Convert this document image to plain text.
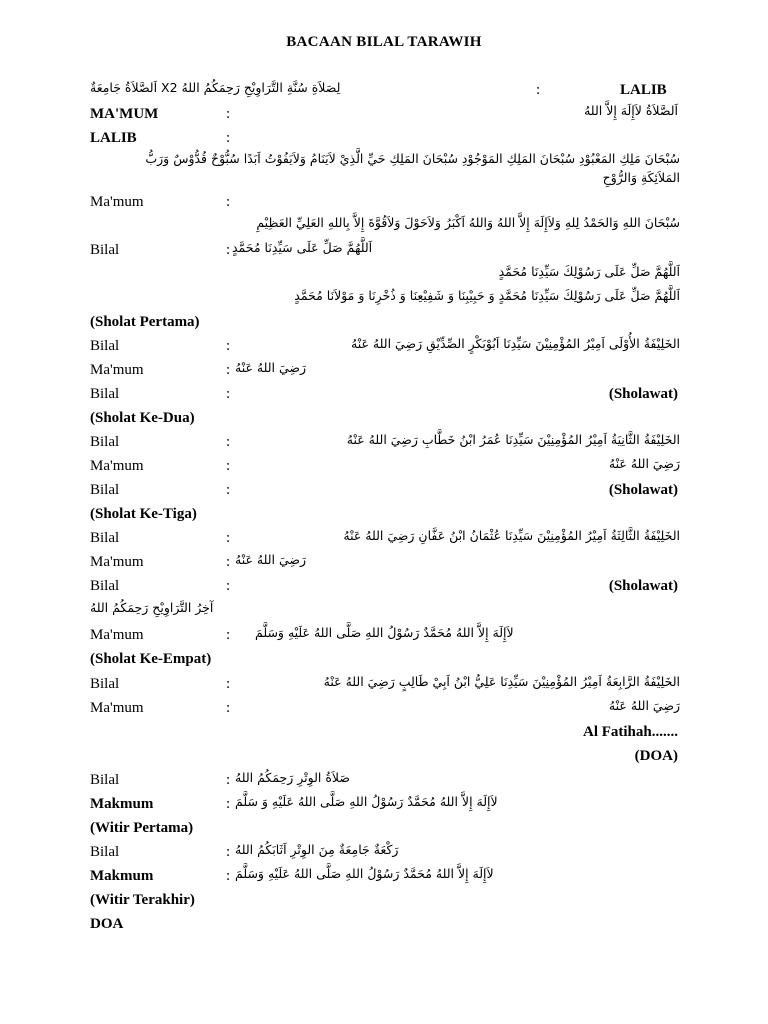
BACAAN BILAL TARAWIH
لِصَلاَةِ سُنَّةِ التَّرَاوِيْحِ رَحِمَكُمُ اللهُ X2 اَلصَّلاَةُ جَامِعَةٌ	:	LALIB
MA'MUM	:	اَلصَّلاَةُ لاَإِلَهَ إِلاَّ اللهُ
LALIB	:
سُبْحَانَ مَلِكِ المَعْبُوْدِ سُبْحَانَ المَلِكِ المَوْجُوْدِ سُبْحَانَ المَلِكِ حَيِّ الَّذِيْ لاَيَنَامُ وَلاَيَفُوْتُ اَبَدًا سُبُّوْحٌ قُدُّوْسٌ وَرَبُّ
المَلاَئِكَةِ وَالرُّوْحِ
Ma'mum	:
سُبْحَانَ اللهِ وَالحَمْدُ لِلهِ وَلاَإِلَهَ إِلاَّ اللهُ وَاللهُ اَكْبَرُ وَلاَحَوْلَ وَلاَقُوَّةَ إِلاَّ بِاللهِ العَلِيِّ العَظِيْمِ
Bilal	: اَللَّهُمَّ صَلِّ عَلَى سَيِّدِنَا مُحَمَّدٍ
اَللَّهُمَّ صَلِّ عَلَى رَسُوْلِكَ سَيِّدِنَا مُحَمَّدٍ
اَللَّهُمَّ صَلِّ عَلَى رَسُوْلِكَ سَيِّدِنَا مُحَمَّدٍ وَ حَبِيْبِنَا وَ شَفِيْعِنَا وَ ذُخْرِنَا وَ مَوْلاَنَا مُحَمَّدٍ
(Sholat Pertama)
Bilal	:	الخَلِيْفَةُ الأُوْلَى اَمِيْرُ المُؤْمِنِيْنَ سَيِّدِنَا اَبُوْبَكْرٍ الصِّدِّيْقِ رَضِيَ اللهُ عَنْهُ
Ma'mum	: رَضِيَ اللهُ عَنْهُ
Bilal	:	(Sholawat)
(Sholat Ke-Dua)
Bilal	:	الخَلِيْفَةُ الثَّانِيَةُ اَمِيْرُ المُؤْمِنِيْنَ سَيِّدِنَا عُمَرُ ابْنُ خَطَّابِ رَضِيَ اللهُ عَنْهُ
Ma'mum	:	رَضِيَ اللهُ عَنْهُ
Bilal	:	(Sholawat)
(Sholat Ke-Tiga)
Bilal	:	الخَلِيْفَةُ الثَّالِثَةُ اَمِيْرُ المُؤْمِنِيْنَ سَيِّدِنَا عُثْمَانُ ابْنُ عَفَّانِ رَضِيَ اللهُ عَنْهُ
Ma'mum	: رَضِيَ اللهُ عَنْهُ
Bilal	:	(Sholawat)
آخِرُ التَّرَاوِيْحِ رَحِمَكُمُ اللهُ
Ma'mum	: لاَإِلَهَ إِلاَّ اللهُ مُحَمَّدٌ رَسُوْلُ اللهِ صَلَّى اللهُ عَلَيْهِ وَسَلَّمَ
(Sholat Ke-Empat)
Bilal	:	الخَلِيْفَةُ الرَّابِعَةُ اَمِيْرُ المُؤْمِنِيْنَ سَيِّدِنَا عَلِيُّ ابْنُ اَبِيْ طَالِبٍ رَضِيَ اللهُ عَنْهُ
Ma'mum	:	رَضِيَ اللهُ عَنْهُ
Al Fatihah.......
(DOA)
Bilal	: صَلاَةُ الوِتْرِ رَحِمَكُمُ اللهُ
Makmum	: لاَإِلَهَ إِلاَّ اللهُ مُحَمَّدٌ رَسُوْلُ اللهِ صَلَّى اللهُ عَلَيْهِ وَ سَلَّمَ
(Witir Pertama)
Bilal	: رَكْعَةٌ جَامِعَةٌ مِنَ الوِتْرِ اَثَابَكُمُ اللهُ
Makmum	: لاَإِلَهَ إِلاَّ اللهُ مُحَمَّدٌ رَسُوْلُ اللهِ صَلَّى اللهُ عَلَيْهِ وَسَلَّمَ
(Witir Terakhir)
DOA
